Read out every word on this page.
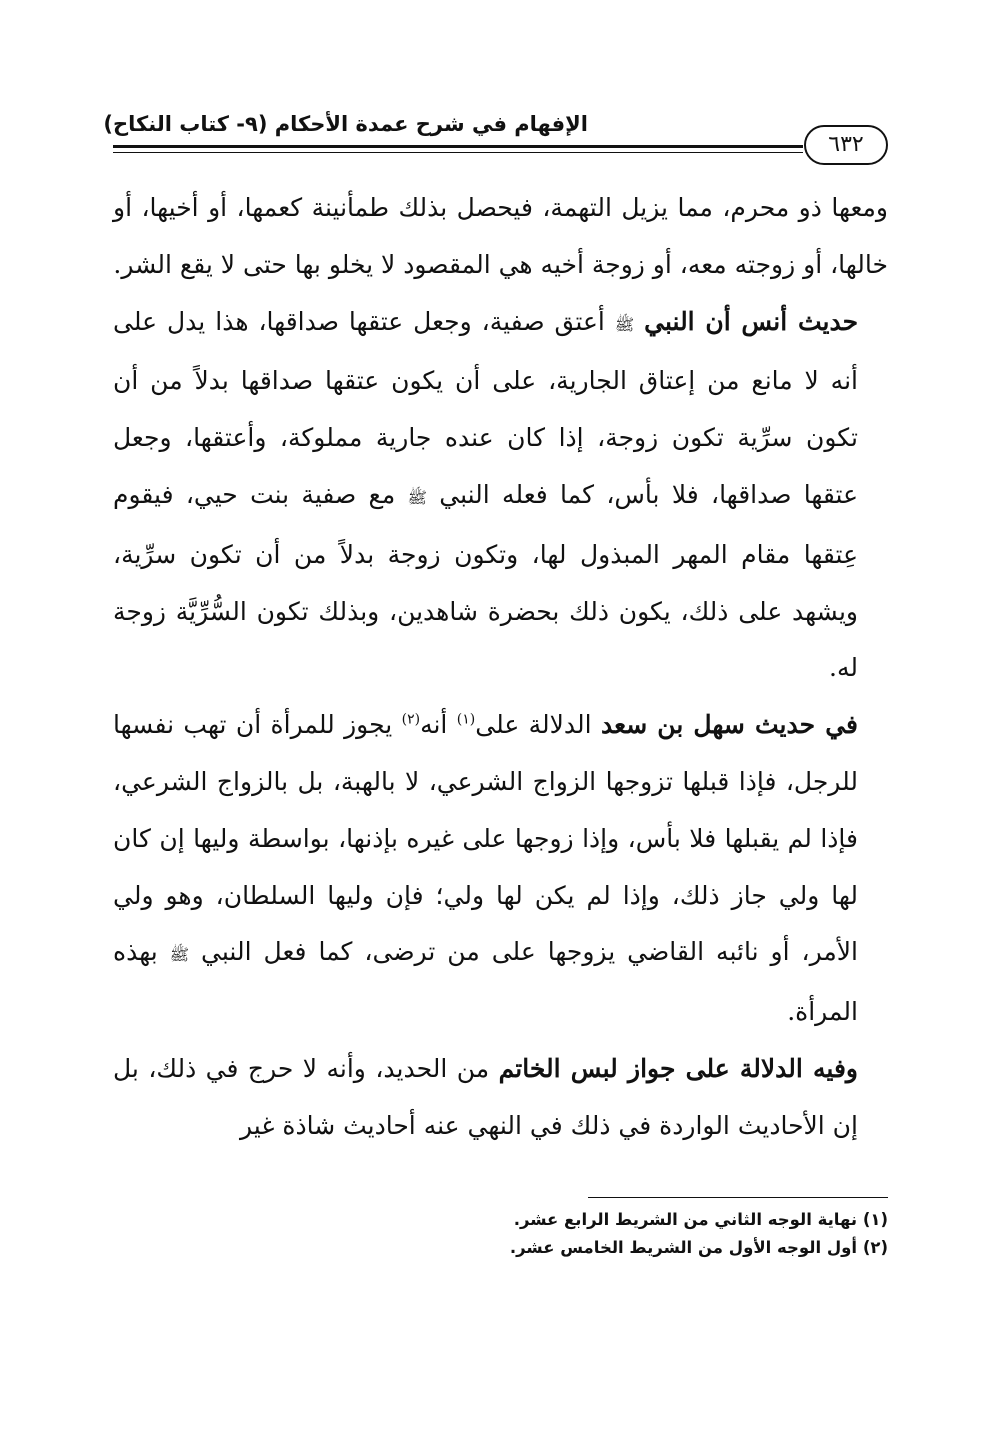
الإفهام في شرح عمدة الأحكام (٩- كتاب النكاح)
٦٣٢

ومعها ذو محرم، مما يزيل التهمة، فيحصل بذلك طمأنينة كعمها، أو أخيها، أو خالها، أو زوجته معه، أو زوجة أخيه هي المقصود لا يخلو بها حتى لا يقع الشر.

حديث أنس أن النبي ﷺ أعتق صفية، وجعل عتقها صداقها، هذا يدل على أنه لا مانع من إعتاق الجارية، على أن يكون عتقها صداقها بدلاً من أن تكون سرِّية تكون زوجة، إذا كان عنده جارية مملوكة، وأعتقها، وجعل عتقها صداقها، فلا بأس، كما فعله النبي ﷺ مع صفية بنت حيي، فيقوم عِتقها مقام المهر المبذول لها، وتكون زوجة بدلاً من أن تكون سرِّية، ويشهد على ذلك، يكون ذلك بحضرة شاهدين، وبذلك تكون السُّرِّيَّة زوجة له.

في حديث سهل بن سعد الدلالة على$^{(١)}$ أنه$^{(٢)}$ يجوز للمرأة أن تهب نفسها للرجل، فإذا قبلها تزوجها الزواج الشرعي، لا بالهبة، بل بالزواج الشرعي، فإذا لم يقبلها فلا بأس، وإذا زوجها على غيره بإذنها، بواسطة وليها إن كان لها ولي جاز ذلك، وإذا لم يكن لها ولي؛ فإن وليها السلطان، وهو ولي الأمر، أو نائبه القاضي يزوجها على من ترضى، كما فعل النبي ﷺ بهذه المرأة.

وفيه الدلالة على جواز لبس الخاتم من الحديد، وأنه لا حرج في ذلك، بل إن الأحاديث الواردة في ذلك في النهي عنه أحاديث شاذة غير

(١) نهاية الوجه الثاني من الشريط الرابع عشر.

(٢) أول الوجه الأول من الشريط الخامس عشر.
